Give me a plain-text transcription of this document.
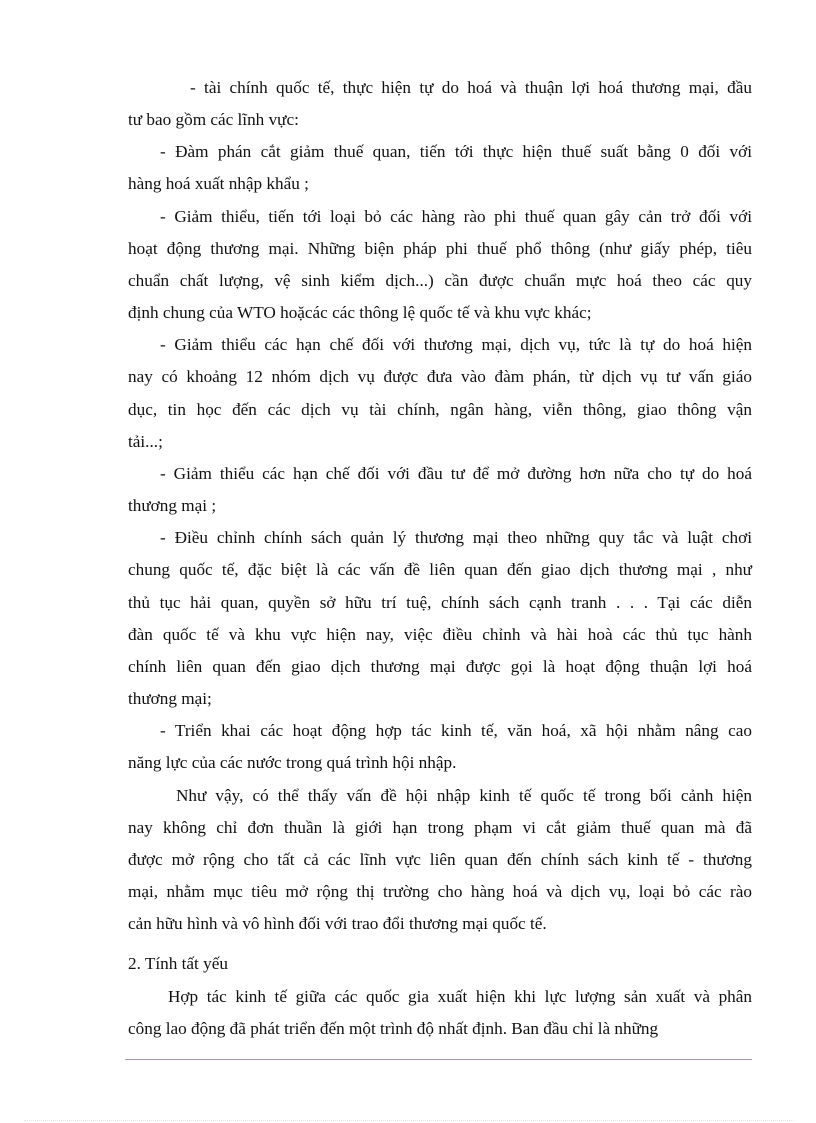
- tài chính quốc tế, thực hiện tự do hoá và thuận lợi hoá thương mại, đầu
tư bao gồm các lĩnh vực:
- Đàm phán cắt giảm thuế quan, tiến tới thực hiện thuế suất bằng 0 đối với
hàng hoá xuất nhập khẩu ;
- Giảm thiểu, tiến tới loại bỏ các hàng rào phi thuế quan gây cản trở đối với
hoạt động thương mại. Những biện pháp phi thuế phổ thông (như giấy phép, tiêu
chuẩn chất lượng, vệ sinh kiểm dịch...) cần được chuẩn mực hoá theo các quy
định chung của WTO hoặcác các thông lệ quốc tế và khu vực khác;
- Giảm thiểu các hạn chế đối với thương mại, dịch vụ, tức là tự do hoá hiện
nay có khoảng 12 nhóm dịch vụ được đưa vào đàm phán, từ dịch vụ tư vấn giáo
dục, tin học đến các dịch vụ tài chính, ngân hàng, viễn thông, giao thông vận
tải...;
- Giảm thiểu các hạn chế đối với đầu tư để mở đường hơn nữa cho tự do hoá
thương mại ;
- Điều chỉnh chính sách quản lý thương mại theo những quy tắc và luật chơi
chung quốc tế, đặc biệt là các vấn đề liên quan đến giao dịch thương mại , như
thủ tục hải quan, quyền sở hữu trí tuệ, chính sách cạnh tranh . . . Tại các diễn
đàn quốc tế và khu vực hiện nay, việc điều chỉnh và hài hoà các thủ tục hành
chính liên quan đến giao dịch thương mại được gọi là hoạt động thuận lợi hoá
thương mại;
- Triển khai các hoạt động hợp tác kinh tế, văn hoá, xã hội nhằm nâng cao
năng lực của các nước trong quá trình hội nhập.
Như vậy, có thể thấy vấn đề hội nhập kinh tế quốc tế trong bối cảnh hiện
nay không chỉ đơn thuần là giới hạn trong phạm vi cắt giảm thuế quan mà đã
được mở rộng cho tất cả các lĩnh vực liên quan đến chính sách kinh tế - thương
mại, nhằm mục tiêu mở rộng thị trường cho hàng hoá và dịch vụ, loại bỏ các rào
cản hữu hình và vô hình đối với trao đổi thương mại quốc tế.
2. Tính tất yếu
Hợp tác kinh tế giữa các quốc gia xuất hiện khi lực lượng sản xuất và phân
công lao động đã phát triển đến một trình độ nhất định. Ban đầu chỉ là những
